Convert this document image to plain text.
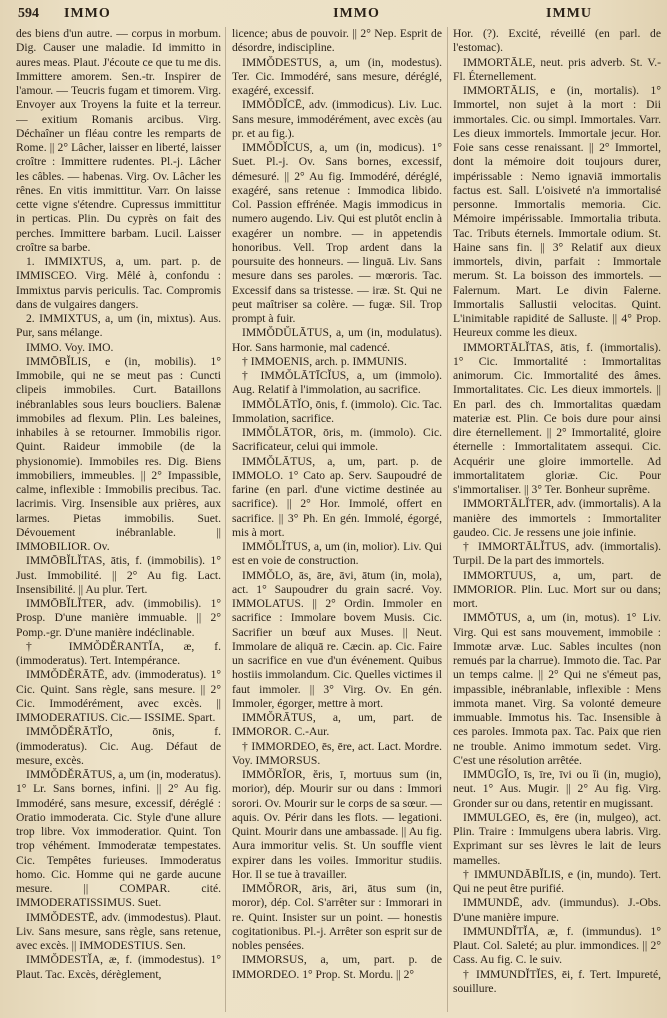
594	IMMO	IMMO	IMMU

des biens d'un autre. — corpus in morbum. Dig. Causer une maladie. Id immitto in aures meas. Plaut. J'écoute ce que tu me dis. Immittere amorem. Sen.-tr. Inspirer de l'amour. — Teucris fugam et timorem. Virg. Envoyer aux Troyens la fuite et la terreur. — exitium Romanis arcibus. Virg. Déchaîner un fléau contre les remparts de Rome. || 2° Lâcher, laisser en liberté, laisser croître : Immittere rudentes. Pl.-j. Lâcher les câbles. — habenas. Virg. Ov. Lâcher les rênes. En vitis immittitur. Varr. On laisse cette vigne s'étendre. Cupressus immittitur in perticas. Plin. Du cyprès on fait des perches. Immittere barbam. Lucil. Laisser croître sa barbe.

1. IMMIXTUS, a, um. part. p. de IMMISCEO. Virg. Mêlé à, confondu : Immixtus parvis periculis. Tac. Compromis dans de vulgaires dangers.

2. IMMIXTUS, a, um (in, mixtus). Aus. Pur, sans mélange.

IMMO. Voy. IMO.

IMMŌBĬLIS, e (in, mobilis). 1° Immobile, qui ne se meut pas : Cuncti clipeis immobiles. Curt. Bataillons inébranlables sous leurs boucliers. Balenæ immobiles ad flexum. Plin. Les baleines, inhabiles à se retourner. Immobilis rigor. Quint. Raideur immobile (de la physionomie). Immobiles res. Dig. Biens immobiliers, immeubles. || 2° Impassible, calme, inflexible : Immobilis precibus. Tac. lacrimis. Virg. Insensible aux prières, aux larmes. Pietas immobilis. Suet. Dévouement inébranlable. || IMMOBILIOR. Ov.

IMMŌBĬLĬTAS, ātis, f. (immobilis). 1° Just. Immobilité. || 2° Au fig. Lact. Insensibilité. || Au plur. Tert.

IMMŌBĬLĬTER, adv. (immobilis). 1° Prosp. D'une manière immuable. || 2° Pomp.-gr. D'une manière indéclinable.

† IMMŎDĔRANTĬA, æ, f. (immoderatus). Tert. Intempérance.

IMMŎDĔRĀTĒ, adv. (immoderatus). 1° Cic. Quint. Sans règle, sans mesure. || 2° Cic. Immodérément, avec excès. || IMMODERATIUS. Cic.— ISSIME. Spart.

IMMŎDĔRĀTĬO, ōnis, f. (immoderatus). Cic. Aug. Défaut de mesure, excès.

IMMŎDĔRĀTUS, a, um (in, moderatus). 1° Lr. Sans bornes, infini. || 2° Au fig. Immodéré, sans mesure, excessif, déréglé : Oratio immoderata. Cic. Style d'une allure trop libre. Vox immoderatior. Quint. Ton trop véhément. Immoderatæ tempestates. Cic. Tempêtes furieuses. Immoderatus homo. Cic. Homme qui ne garde aucune mesure. || COMPAR. cité. IMMODERATISSIMUS. Suet.

IMMŎDESTĒ, adv. (immodestus). Plaut. Liv. Sans mesure, sans règle, sans retenue, avec excès. || IMMODESTIUS. Sen.

IMMŎDESTĬA, æ, f. (immodestus). 1° Plaut. Tac. Excès, dérèglement,

licence; abus de pouvoir. || 2° Nep. Esprit de désordre, indiscipline.

IMMŎDESTUS, a, um (in, modestus). Ter. Cic. Immodéré, sans mesure, déréglé, exagéré, excessif.

IMMŎDĬCĒ, adv. (immodicus). Liv. Luc. Sans mesure, immodérément, avec excès (au pr. et au fig.).

IMMŎDĬCUS, a, um (in, modicus). 1° Suet. Pl.-j. Ov. Sans bornes, excessif, démesuré. || 2° Au fig. Immodéré, déréglé, exagéré, sans retenue : Immodica libido. Col. Passion effrénée. Magis immodicus in numero augendo. Liv. Qui est plutôt enclin à exagérer un nombre. — in appetendis honoribus. Vell. Trop ardent dans la poursuite des honneurs. — linguā. Liv. Sans mesure dans ses paroles. — mœroris. Tac. Excessif dans sa tristesse. — iræ. St. Qui ne peut maîtriser sa colère. — fugæ. Sil. Trop prompt à fuir.

IMMŎDŬLĀTUS, a, um (in, modulatus). Hor. Sans harmonie, mal cadencé.

† IMMOENIS, arch. p. IMMUNIS.

† IMMŎLĀTĪCĬUS, a, um (immolo). Aug. Relatif à l'immolation, au sacrifice.

IMMŎLĀTĬO, ōnis, f. (immolo). Cic. Tac. Immolation, sacrifice.

IMMŎLĀTOR, ōris, m. (immolo). Cic. Sacrificateur, celui qui immole.

IMMŎLĀTUS, a, um, part. p. de IMMOLO. 1° Cato ap. Serv. Saupoudré de farine (en parl. d'une victime destinée au sacrifice). || 2° Hor. Immolé, offert en sacrifice. || 3° Ph. En gén. Immolé, égorgé, mis à mort.

IMMŎLĬTUS, a, um (in, molior). Liv. Qui est en voie de construction.

IMMŎLO, ās, āre, āvi, ātum (in, mola), act. 1° Saupoudrer du grain sacré. Voy. IMMOLATUS. || 2° Ordin. Immoler en sacrifice : Immolare bovem Musis. Cic. Sacrifier un bœuf aux Muses. || Neut. Immolare de aliquā re. Cæcin. ap. Cic. Faire un sacrifice en vue d'un événement. Quibus hostiis immolandum. Cic. Quelles victimes il faut immoler. || 3° Virg. Ov. En gén. Immoler, égorger, mettre à mort.

IMMŎRĀTUS, a, um, part. de IMMOROR. C.-Aur.

† IMMORDEO, ēs, ēre, act. Lact. Mordre. Voy. IMMORSUS.

IMMŎRĬOR, ĕris, ī, mortuus sum (in, morior), dép. Mourir sur ou dans : Immori sorori. Ov. Mourir sur le corps de sa sœur. — aquis. Ov. Périr dans les flots. — legationi. Quint. Mourir dans une ambassade. || Au fig. Aura immoritur velis. St. Un souffle vient expirer dans les voiles. Immoritur studiis. Hor. Il se tue à travailler.

IMMŎROR, āris, āri, ātus sum (in, moror), dép. Col. S'arrêter sur : Immorari in re. Quint. Insister sur un point. — honestis cogitationibus. Pl.-j. Arrêter son esprit sur de nobles pensées.

IMMORSUS, a, um, part. p. de IMMORDEO. 1° Prop. St. Mordu. || 2°

Hor. (?). Excité, réveillé (en parl. de l'estomac).

IMMORTĀLE, neut. pris adverb. St. V.-Fl. Éternellement.

IMMORTĀLIS, e (in, mortalis). 1° Immortel, non sujet à la mort : Dii immortales. Cic. ou simpl. Immortales. Varr. Les dieux immortels. Immortale jecur. Hor. Foie sans cesse renaissant. || 2° Immortel, dont la mémoire doit toujours durer, impérissable : Nemo ignaviā immortalis factus est. Sall. L'oisiveté n'a immortalisé personne. Immortalis memoria. Cic. Mémoire impérissable. Immortalia tributa. Tac. Tributs éternels. Immortale odium. St. Haine sans fin. || 3° Relatif aux dieux immortels, divin, parfait : Immortale merum. St. La boisson des immortels. — Falernum. Mart. Le divin Falerne. Immortalis Sallustii velocitas. Quint. L'inimitable rapidité de Salluste. || 4° Prop. Heureux comme les dieux.

IMMORTĀLĬTAS, ātis, f. (immortalis). 1° Cic. Immortalité : Immortalitas animorum. Cic. Immortalité des âmes. Immortalitates. Cic. Les dieux immortels. || En parl. des ch. Immortalitas quædam materiæ est. Plin. Ce bois dure pour ainsi dire éternellement. || 2° Immortalité, gloire éternelle : Immortalitatem assequi. Cic. Acquérir une gloire immortelle. Ad immortalitatem gloriæ. Cic. Pour s'immortaliser. || 3° Ter. Bonheur suprême.

IMMORTĀLĬTER, adv. (immortalis). A la manière des immortels : Immortaliter gaudeo. Cic. Je ressens une joie infinie.

† IMMORTĀLĬTUS, adv. (immortalis). Turpil. De la part des immortels.

IMMORTUUS, a, um, part. de IMMORIOR. Plin. Luc. Mort sur ou dans; mort.

IMMŌTUS, a, um (in, motus). 1° Liv. Virg. Qui est sans mouvement, immobile : Immotæ arvæ. Luc. Sables incultes (non remués par la charrue). Immoto die. Tac. Par un temps calme. || 2° Qui ne s'émeut pas, impassible, inébranlable, inflexible : Mens immota manet. Virg. Sa volonté demeure immuable. Immotus his. Tac. Insensible à ces paroles. Immota pax. Tac. Paix que rien ne trouble. Animo immotum sedet. Virg. C'est une résolution arrêtée.

IMMŪGĬO, īs, īre, īvi ou ĭi (in, mugio), neut. 1° Aus. Mugir. || 2° Au fig. Virg. Gronder sur ou dans, retentir en mugissant.

IMMULGEO, ēs, ēre (in, mulgeo), act. Plin. Traire : Immulgens ubera labris. Virg. Exprimant sur ses lèvres le lait de leurs mamelles.

† IMMUNDĀBĬLIS, e (in, mundo). Tert. Qui ne peut être purifié.

IMMUNDĒ, adv. (immundus). J.-Obs. D'une manière impure.

IMMUNDĬTĬA, æ, f. (immundus). 1° Plaut. Col. Saleté; au plur. immondices. || 2° Cass. Au fig. C. le suiv.

† IMMUNDĬTĬES, ēi, f. Tert. Impureté, souillure.
